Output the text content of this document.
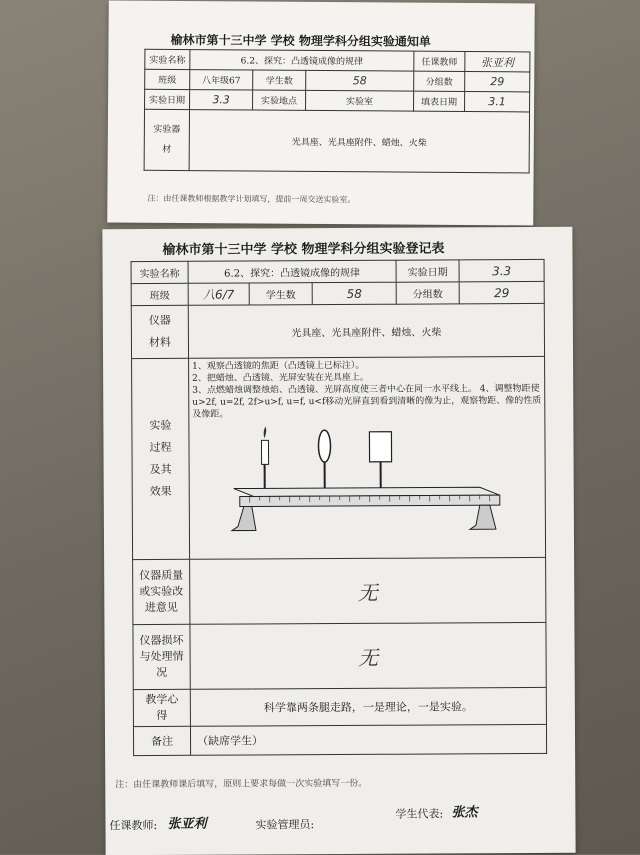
榆林市第十三中学 学校 物理学科分组实验通知单
实验名称	6.2、探究：凸透镜成像的规律			任课教师	张亚利
班级	八年级67	学生数	58	分组数	29
实验日期	3.3	实验地点	实验室	填表日期	3.1
实验器材	光具座、光具座附件、蜡烛、火柴				
注：由任课教师根据教学计划填写，提前一周交送实验室。
榆林市第十三中学 学校 物理学科分组实验登记表
实验名称	6.2、探究：凸透镜成像的规律			实验日期	3.3
班级	八6/7	学生数	58	分组数	29
仪器材料	光具座、光具座附件、蜡烛、火柴				
实验过程及其效果	1、观察凸透镜的焦距（凸透镜上已标注）。
2、把蜡烛、凸透镜、光屏安装在光具座上。
3、点燃蜡烛调整烛焰、凸透镜、光屏高度使三者中心在同一水平线上。 4、调整物距使u>2f, u=2f, 2f>u>f, u=f, u<f移动光屏直到看到清晰的像为止，观察物距、像的性质及像距。				

仪器质量或实验改进意见	无				
仪器损坏与处理情况	无				
教学心得	科学靠两条腿走路，一是理论，一是实验。				
备注	（缺席学生）				
注：由任课教师课后填写，原则上要求每做一次实验填写一份。
任课教师: 张亚利	实验管理员:
学生代表: 张杰
